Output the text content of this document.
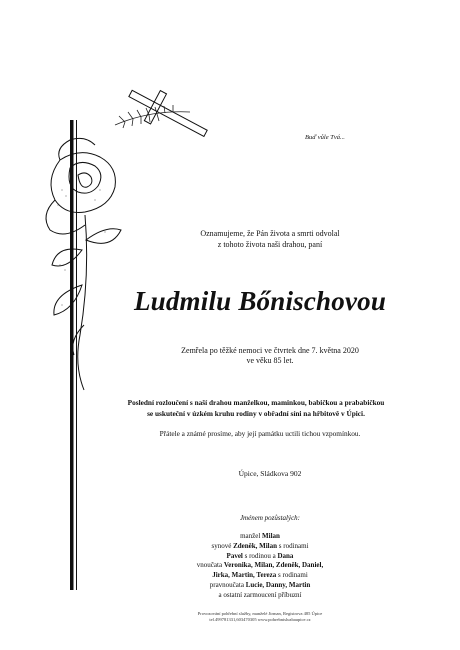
Buď vůle Tvá...
Oznamujeme, že Pán života a smrti odvolal
z tohoto života naši drahou, paní
Ludmilu Bőnischovou
Zemřela po těžké nemoci ve čtvrtek dne 7. května 2020
ve věku 85 let.
Poslední rozloučení s naší drahou manželkou, maminkou, babičkou a prababičkou
se uskuteční v úzkém kruhu rodiny v obřadní síni na hřbitově v Úpici.
Přátele a známé prosíme, aby její památku uctili tichou vzpomínkou.
Úpice, Sládkova 902
Jménem pozůstalých:
manžel Milan
synové Zdeněk, Milan s rodinami
Pavel s rodinou a Dana
vnoučata Veronika, Milan, Zdeněk, Daniel,
Jirka, Martin, Tereza s rodinami
pravnoučata Lucie, Danny, Martin
a ostatní zarmoucení příbuzní
Provozování pohřební služby, manželé Jirman, Registrova 485 Úpice
tel.499781331,603470305 www.pohrebnisluzbaupice.cz
